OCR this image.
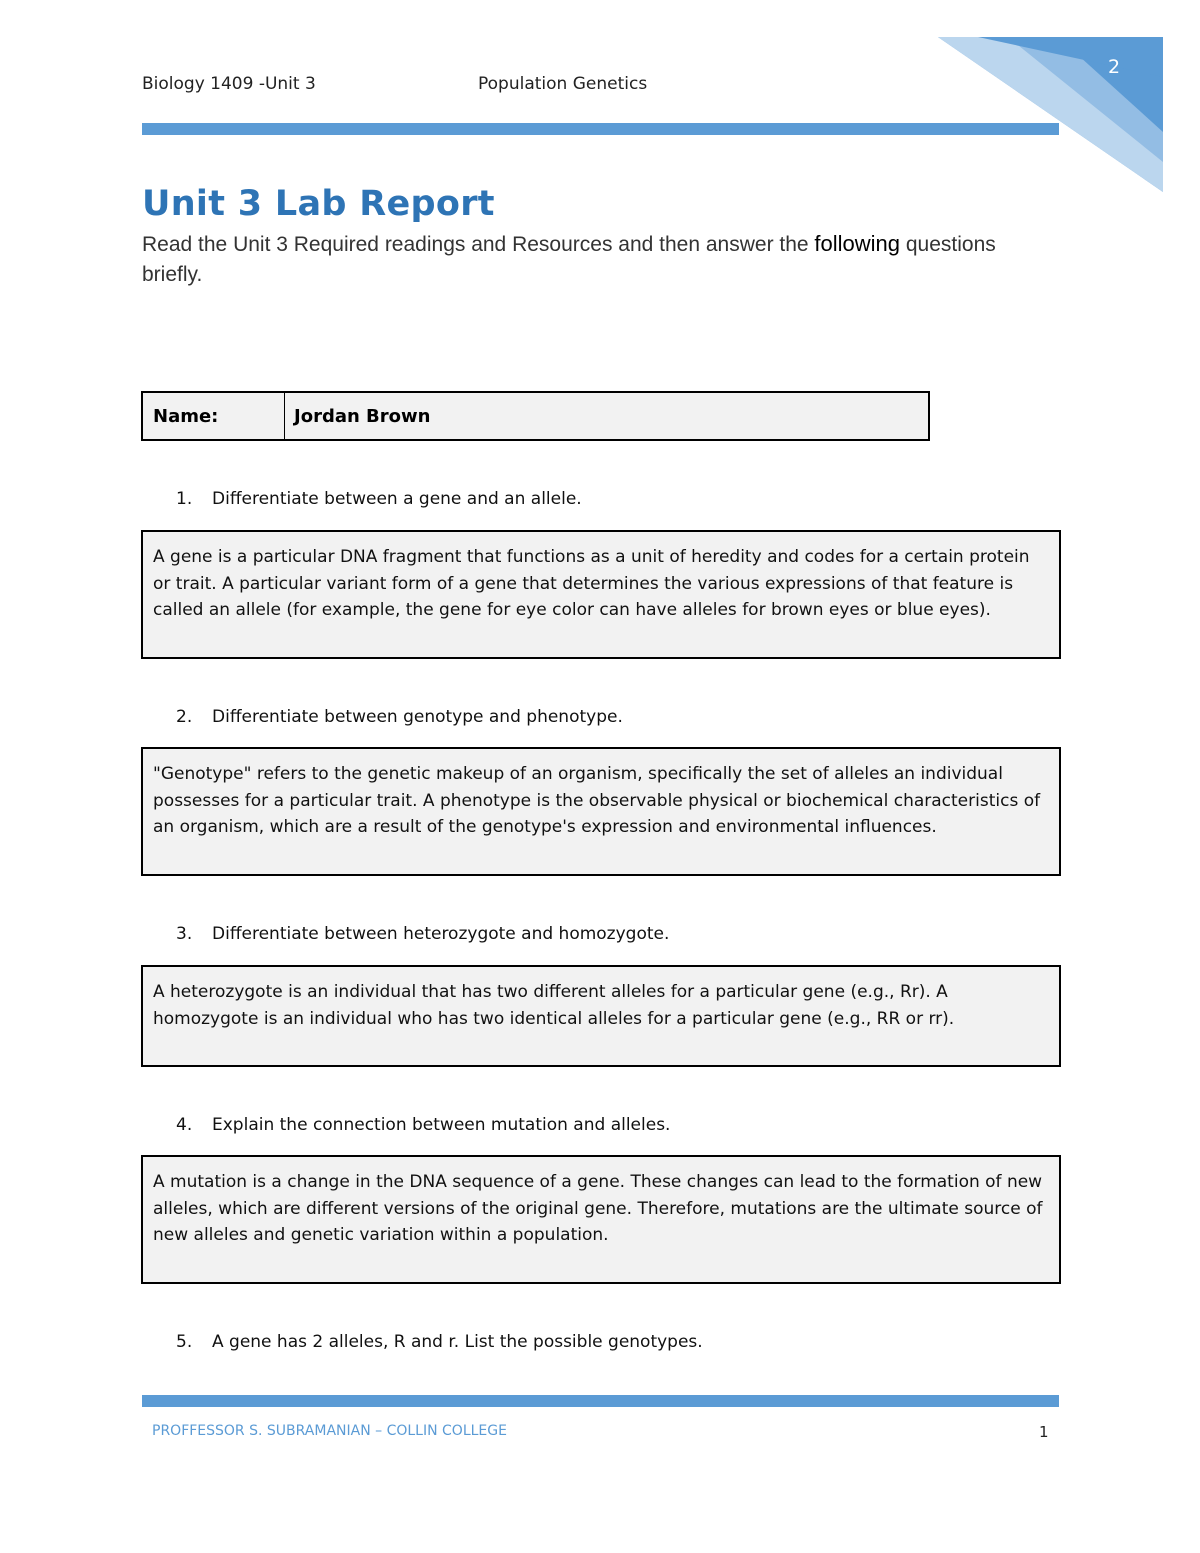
Biology 1409 -Unit 3	Population Genetics
2
Unit 3 Lab Report
Read the Unit 3 Required readings and Resources and then answer the following questions briefly.
Name:	Jordan Brown
1. Differentiate between a gene and an allele.
A gene is a particular DNA fragment that functions as a unit of heredity and codes for a certain protein or trait. A particular variant form of a gene that determines the various expressions of that feature is called an allele (for example, the gene for eye color can have alleles for brown eyes or blue eyes).
2. Differentiate between genotype and phenotype.
"Genotype" refers to the genetic makeup of an organism, specifically the set of alleles an individual possesses for a particular trait. A phenotype is the observable physical or biochemical characteristics of an organism, which are a result of the genotype's expression and environmental influences.
3. Differentiate between heterozygote and homozygote.
A heterozygote is an individual that has two different alleles for a particular gene (e.g., Rr). A homozygote is an individual who has two identical alleles for a particular gene (e.g., RR or rr).
4. Explain the connection between mutation and alleles.
A mutation is a change in the DNA sequence of a gene. These changes can lead to the formation of new alleles, which are different versions of the original gene. Therefore, mutations are the ultimate source of new alleles and genetic variation within a population.
5. A gene has 2 alleles, R and r. List the possible genotypes.
PROFFESSOR S. SUBRAMANIAN – COLLIN COLLEGE	1
